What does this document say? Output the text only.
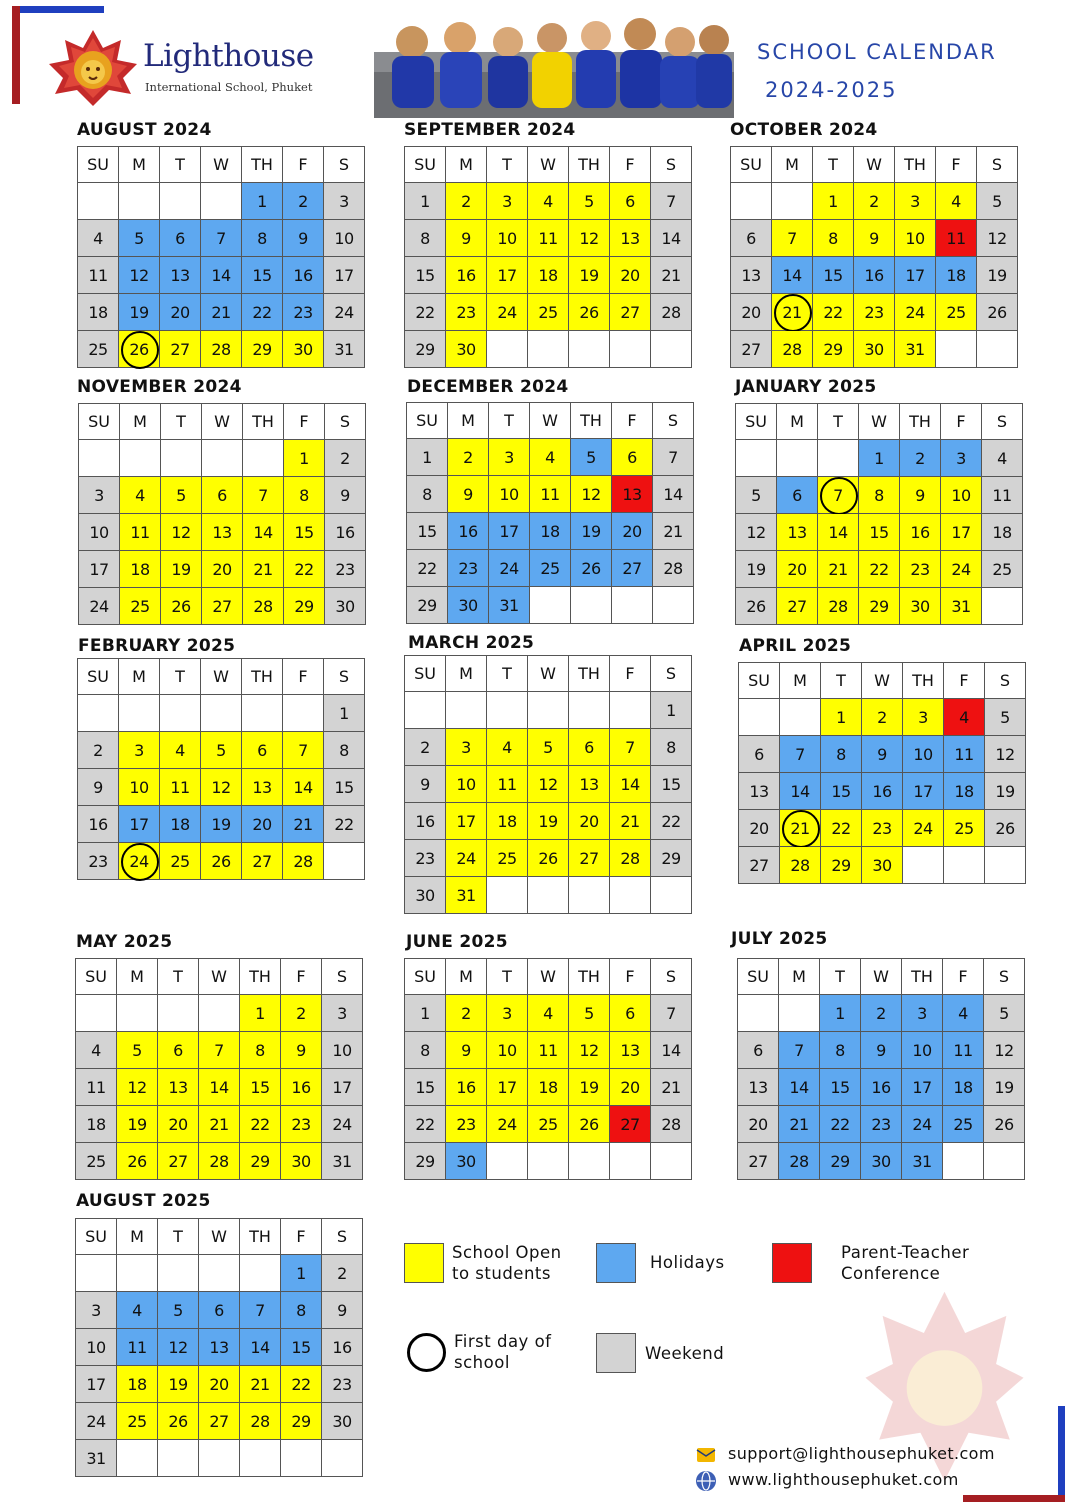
Lighthouse
International School, Phuket
SCHOOL CALENDAR
2024-2025
AUGUST 2024
SU	M	T	W	TH	F	S
				1	2	3
4	5	6	7	8	9	10
11	12	13	14	15	16	17
18	19	20	21	22	23	24
25	26	27	28	29	30	31
SEPTEMBER 2024
SU	M	T	W	TH	F	S
1	2	3	4	5	6	7
8	9	10	11	12	13	14
15	16	17	18	19	20	21
22	23	24	25	26	27	28
29	30					
OCTOBER 2024
SU	M	T	W	TH	F	S
		1	2	3	4	5
6	7	8	9	10	11	12
13	14	15	16	17	18	19
20	21	22	23	24	25	26
27	28	29	30	31		
NOVEMBER 2024
SU	M	T	W	TH	F	S
					1	2
3	4	5	6	7	8	9
10	11	12	13	14	15	16
17	18	19	20	21	22	23
24	25	26	27	28	29	30
DECEMBER 2024
SU	M	T	W	TH	F	S
1	2	3	4	5	6	7
8	9	10	11	12	13	14
15	16	17	18	19	20	21
22	23	24	25	26	27	28
29	30	31				
JANUARY 2025
SU	M	T	W	TH	F	S
			1	2	3	4
5	6	7	8	9	10	11
12	13	14	15	16	17	18
19	20	21	22	23	24	25
26	27	28	29	30	31	
FEBRUARY 2025
SU	M	T	W	TH	F	S
						1
2	3	4	5	6	7	8
9	10	11	12	13	14	15
16	17	18	19	20	21	22
23	24	25	26	27	28	
MARCH 2025
SU	M	T	W	TH	F	S
						1
2	3	4	5	6	7	8
9	10	11	12	13	14	15
16	17	18	19	20	21	22
23	24	25	26	27	28	29
30	31					
APRIL 2025
SU	M	T	W	TH	F	S
		1	2	3	4	5
6	7	8	9	10	11	12
13	14	15	16	17	18	19
20	21	22	23	24	25	26
27	28	29	30			
MAY 2025
SU	M	T	W	TH	F	S
				1	2	3
4	5	6	7	8	9	10
11	12	13	14	15	16	17
18	19	20	21	22	23	24
25	26	27	28	29	30	31
JUNE 2025
SU	M	T	W	TH	F	S
1	2	3	4	5	6	7
8	9	10	11	12	13	14
15	16	17	18	19	20	21
22	23	24	25	26	27	28
29	30					
JULY 2025
SU	M	T	W	TH	F	S
		1	2	3	4	5
6	7	8	9	10	11	12
13	14	15	16	17	18	19
20	21	22	23	24	25	26
27	28	29	30	31		
AUGUST 2025
SU	M	T	W	TH	F	S
					1	2
3	4	5	6	7	8	9
10	11	12	13	14	15	16
17	18	19	20	21	22	23
24	25	26	27	28	29	30
31						
School Open
to students
Holidays
Parent-Teacher
Conference
First day of
school	Weekend
support@lighthousephuket.com
www.lighthousephuket.com
